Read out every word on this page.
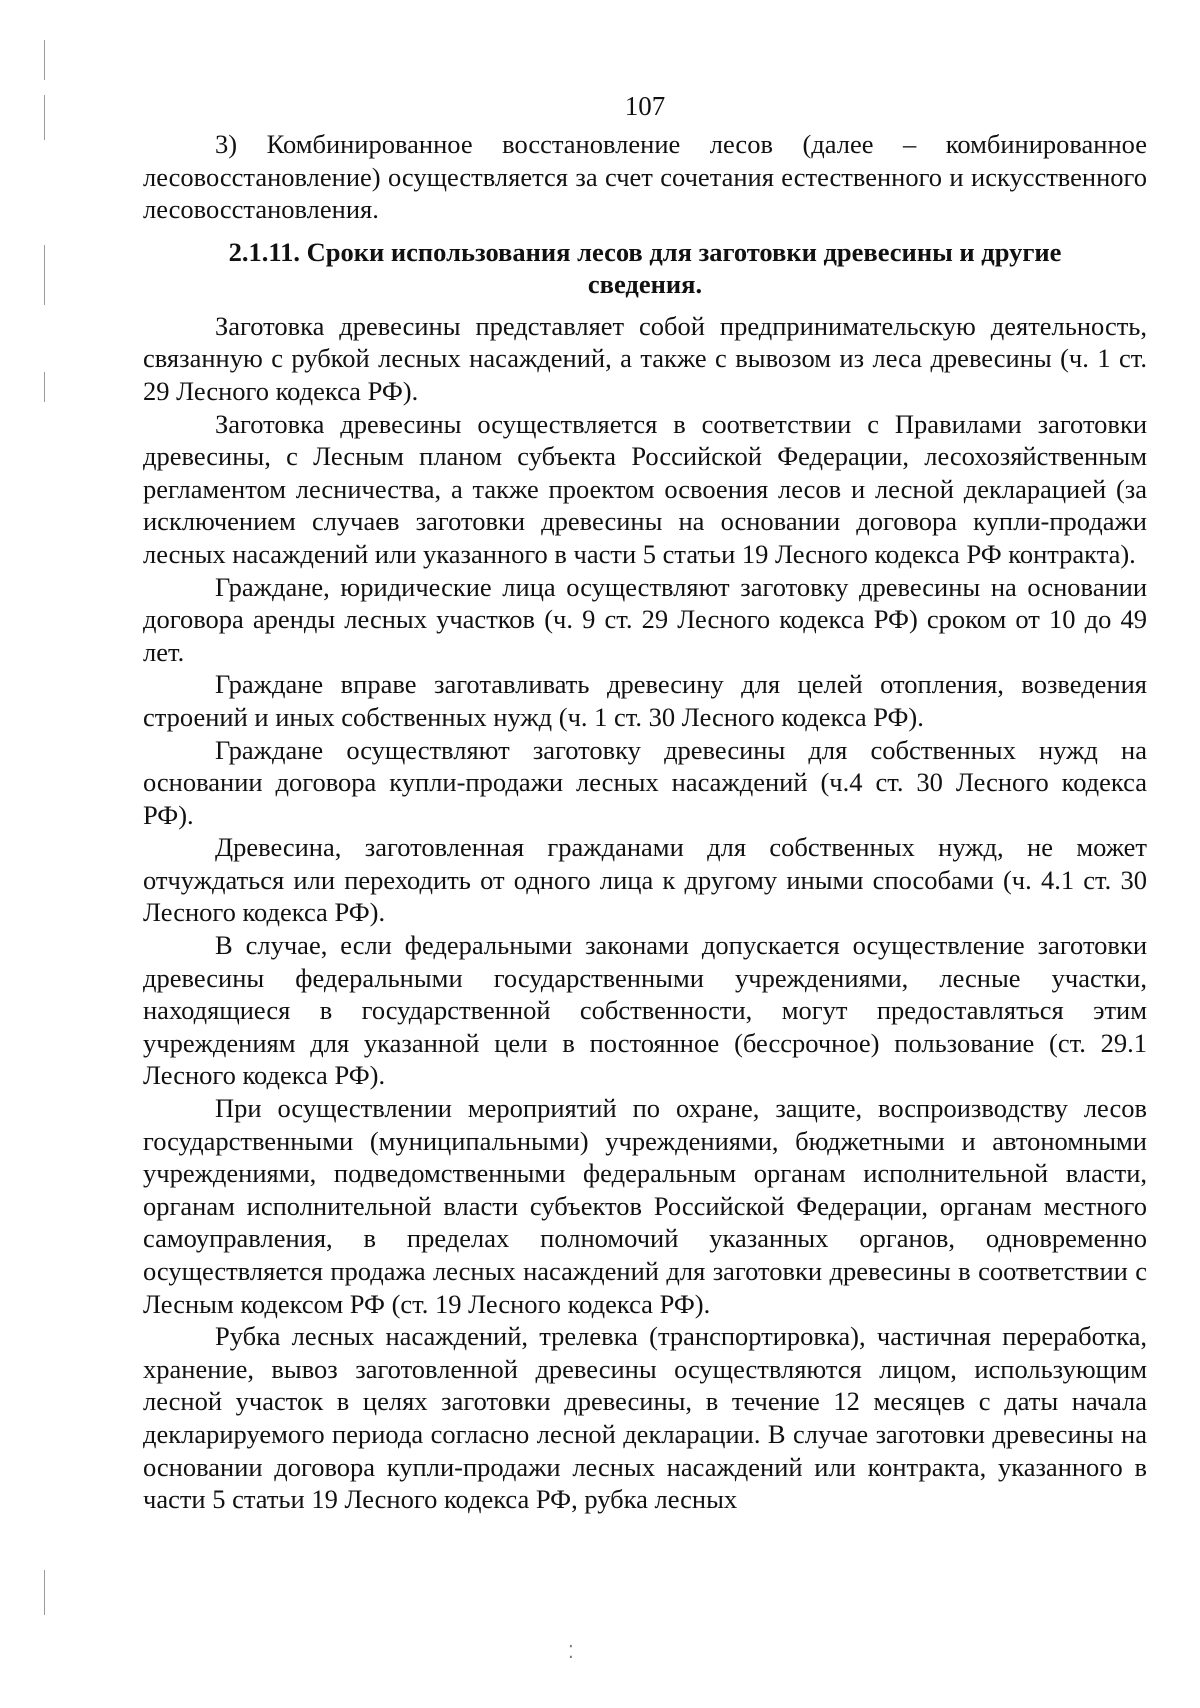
107

3) Комбинированное восстановление лесов (далее – комбинированное лесовосстановление) осуществляется за счет сочетания естественного и искусственного лесовосстановления.

2.1.11. Сроки использования лесов для заготовки древесины и другие сведения.

Заготовка древесины представляет собой предпринимательскую деятельность, связанную с рубкой лесных насаждений, а также с вывозом из леса древесины (ч. 1 ст. 29 Лесного кодекса РФ).

Заготовка древесины осуществляется в соответствии с Правилами заготовки древесины, с Лесным планом субъекта Российской Федерации, лесохозяйственным регламентом лесничества, а также проектом освоения лесов и лесной декларацией (за исключением случаев заготовки древесины на основании договора купли-продажи лесных насаждений или указанного в части 5 статьи 19 Лесного кодекса РФ контракта).

Граждане, юридические лица осуществляют заготовку древесины на основании договора аренды лесных участков (ч. 9 ст. 29 Лесного кодекса РФ) сроком от 10 до 49 лет.

Граждане вправе заготавливать древесину для целей отопления, возведения строений и иных собственных нужд (ч. 1 ст. 30 Лесного кодекса РФ).

Граждане осуществляют заготовку древесины для собственных нужд на основании договора купли-продажи лесных насаждений (ч.4 ст. 30 Лесного кодекса РФ).

Древесина, заготовленная гражданами для собственных нужд, не может отчуждаться или переходить от одного лица к другому иными способами (ч. 4.1 ст. 30 Лесного кодекса РФ).

В случае, если федеральными законами допускается осуществление заготовки древесины федеральными государственными учреждениями, лесные участки, находящиеся в государственной собственности, могут предоставляться этим учреждениям для указанной цели в постоянное (бессрочное) пользование (ст. 29.1 Лесного кодекса РФ).

При осуществлении мероприятий по охране, защите, воспроизводству лесов государственными (муниципальными) учреждениями, бюджетными и автономными учреждениями, подведомственными федеральным органам исполнительной власти, органам исполнительной власти субъектов Российской Федерации, органам местного самоуправления, в пределах полномочий указанных органов, одновременно осуществляется продажа лесных насаждений для заготовки древесины в соответствии с Лесным кодексом РФ (ст. 19 Лесного кодекса РФ).

Рубка лесных насаждений, трелевка (транспортировка), частичная переработка, хранение, вывоз заготовленной древесины осуществляются лицом, использующим лесной участок в целях заготовки древесины, в течение 12 месяцев с даты начала декларируемого периода согласно лесной декларации. В случае заготовки древесины на основании договора купли-продажи лесных насаждений или контракта, указанного в части 5 статьи 19 Лесного кодекса РФ, рубка лесных

⁚
